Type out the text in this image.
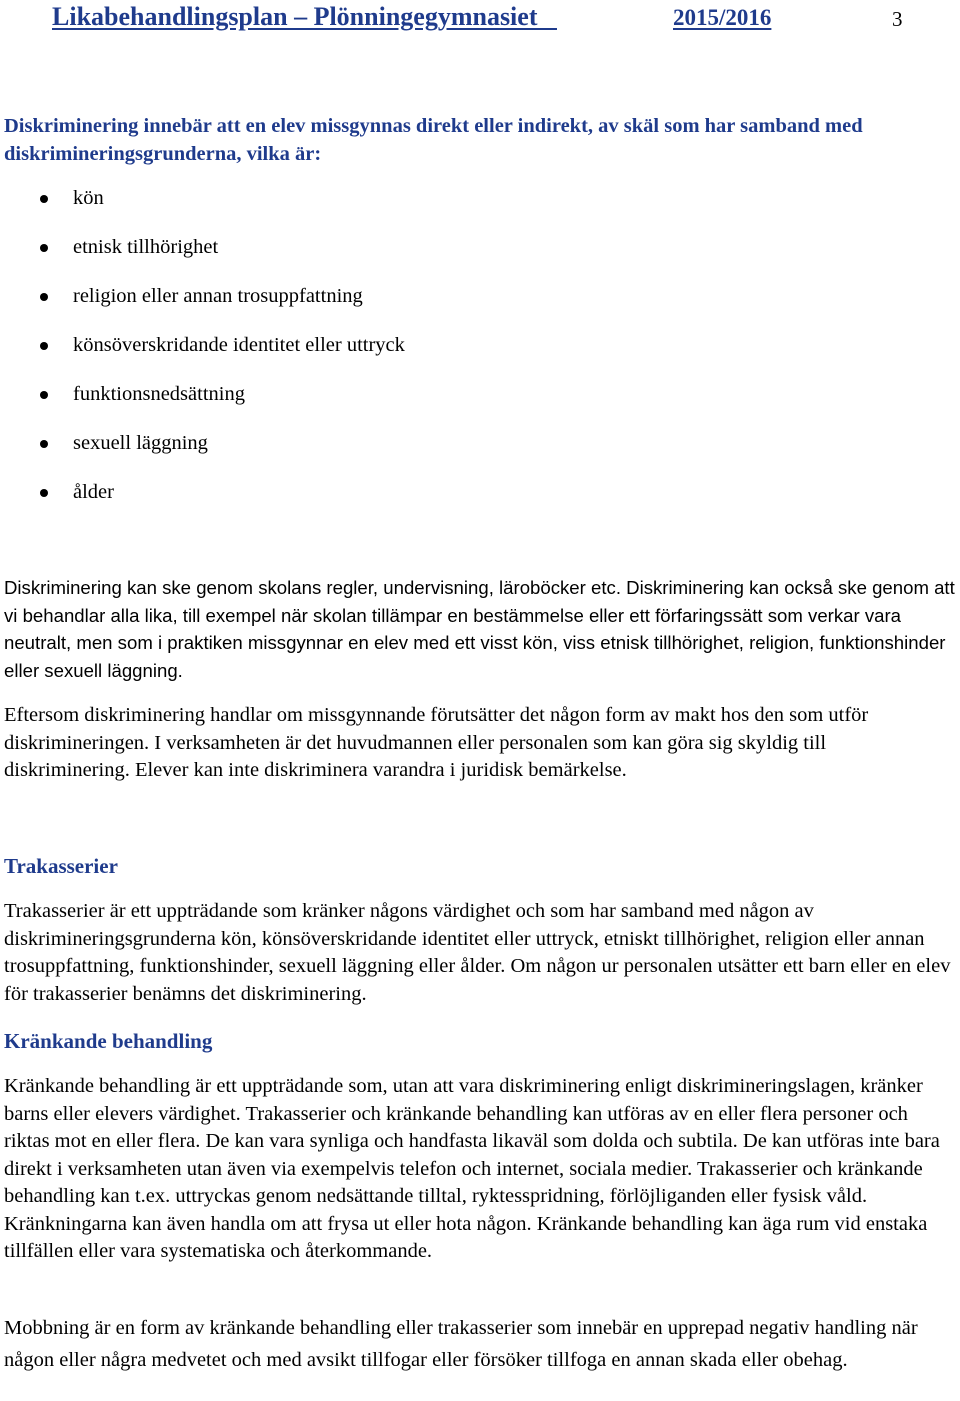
Likabehandlingsplan – Plönningegymnasiet	2015/2016	3
Diskriminering innebär att en elev missgynnas direkt eller indirekt, av skäl som har samband med diskrimineringsgrunderna, vilka är:
kön
etnisk tillhörighet
religion eller annan trosuppfattning
könsöverskridande identitet eller uttryck
funktionsnedsättning
sexuell läggning
ålder
Diskriminering kan ske genom skolans regler, undervisning, läroböcker etc. Diskriminering kan också ske genom att vi behandlar alla lika, till exempel när skolan tillämpar en bestämmelse eller ett förfaringssätt som verkar vara neutralt, men som i praktiken missgynnar en elev med ett visst kön, viss etnisk tillhörighet, religion, funktionshinder eller sexuell läggning.
Eftersom diskriminering handlar om missgynnande förutsätter det någon form av makt hos den som utför diskrimineringen. I verksamheten är det huvudmannen eller personalen som kan göra sig skyldig till diskriminering. Elever kan inte diskriminera varandra i juridisk bemärkelse.
Trakasserier
Trakasserier är ett uppträdande som kränker någons värdighet och som har samband med någon av diskrimineringsgrunderna kön, könsöverskridande identitet eller uttryck, etniskt tillhörighet, religion eller annan trosuppfattning, funktionshinder, sexuell läggning eller ålder. Om någon ur personalen utsätter ett barn eller en elev för trakasserier benämns det diskriminering.
Kränkande behandling
Kränkande behandling är ett uppträdande som, utan att vara diskriminering enligt diskrimineringslagen, kränker barns eller elevers värdighet. Trakasserier och kränkande behandling kan utföras av en eller flera personer och riktas mot en eller flera. De kan vara synliga och handfasta likaväl som dolda och subtila. De kan utföras inte bara direkt i verksamheten utan även via exempelvis telefon och internet, sociala medier. Trakasserier och kränkande behandling kan t.ex. uttryckas genom nedsättande tilltal, ryktesspridning, förlöjliganden eller fysisk våld. Kränkningarna kan även handla om att frysa ut eller hota någon. Kränkande behandling kan äga rum vid enstaka tillfällen eller vara systematiska och återkommande.
Mobbning är en form av kränkande behandling eller trakasserier som innebär en upprepad negativ handling när någon eller några medvetet och med avsikt tillfogar eller försöker tillfoga en annan skada eller obehag.
